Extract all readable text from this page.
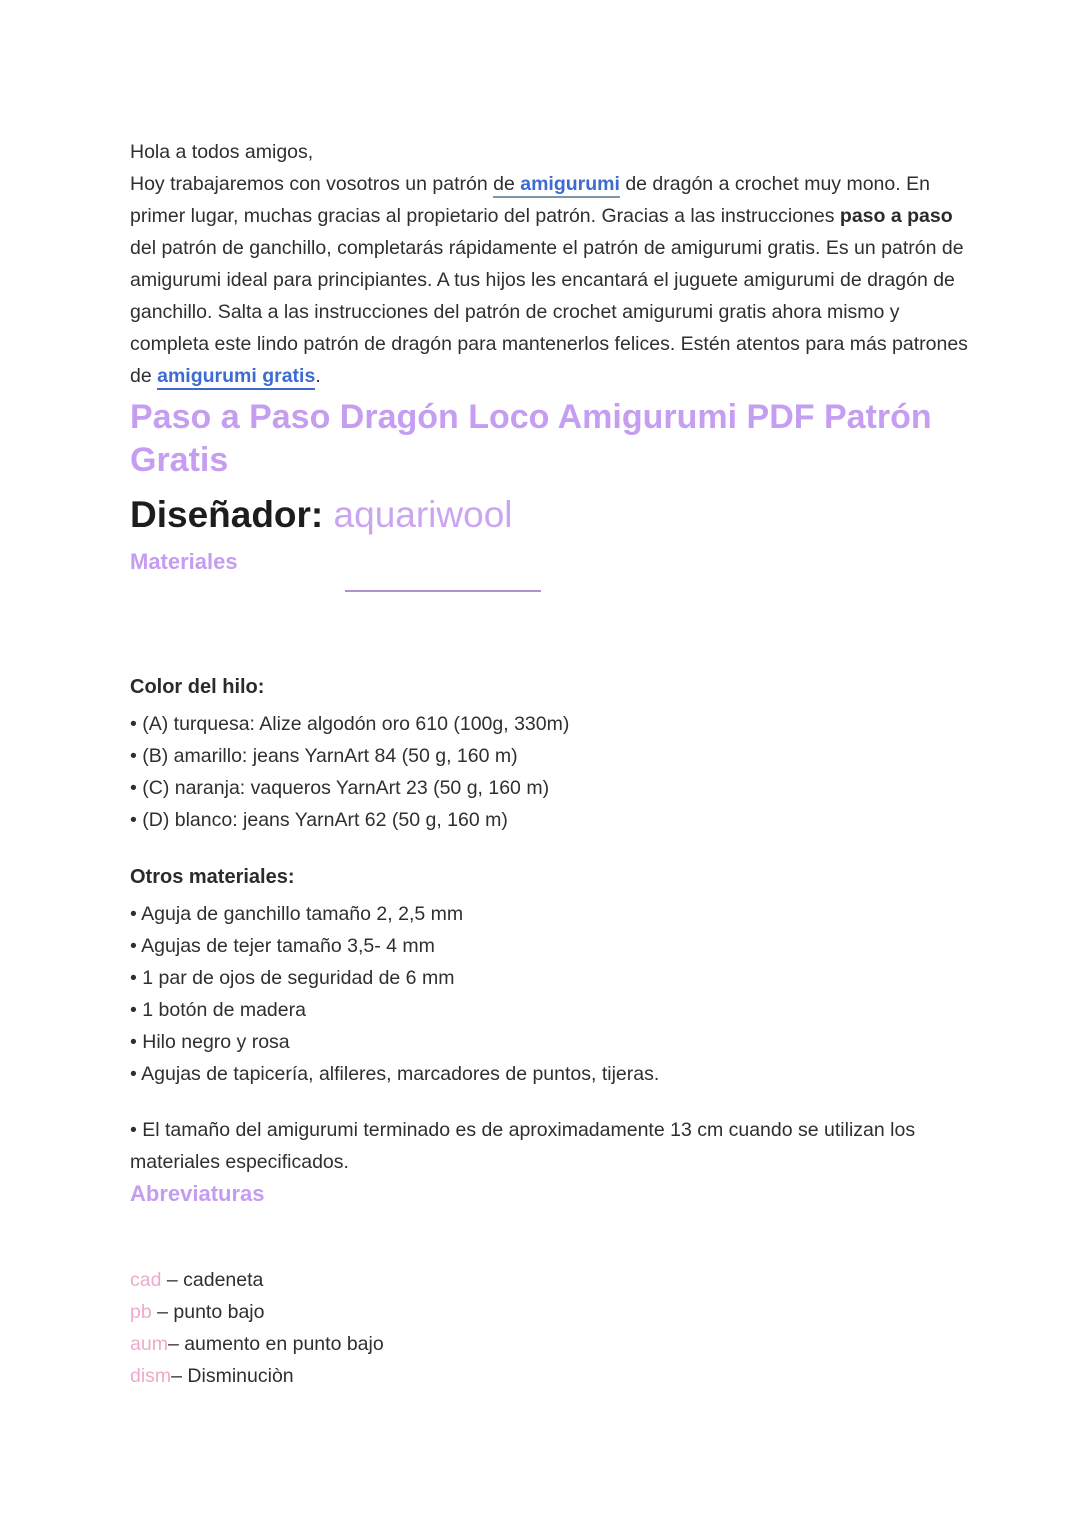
Hola a todos amigos,

Hoy trabajaremos con vosotros un patrón de amigurumi de dragón a crochet muy mono. En primer lugar, muchas gracias al propietario del patrón. Gracias a las instrucciones paso a paso del patrón de ganchillo, completarás rápidamente el patrón de amigurumi gratis. Es un patrón de amigurumi ideal para principiantes. A tus hijos les encantará el juguete amigurumi de dragón de ganchillo. Salta a las instrucciones del patrón de crochet amigurumi gratis ahora mismo y completa este lindo patrón de dragón para mantenerlos felices. Estén atentos para más patrones de amigurumi gratis.

Paso a Paso Dragón Loco Amigurumi PDF Patrón Gratis
Diseñador: aquariwool
Materiales
Color del hilo:
• (A) turquesa: Alize algodón oro 610 (100g, 330m)
• (B) amarillo: jeans YarnArt 84 (50 g, 160 m)
• (C) naranja: vaqueros YarnArt 23 (50 g, 160 m)
• (D) blanco: jeans YarnArt 62 (50 g, 160 m)
Otros materiales:
• Aguja de ganchillo tamaño 2, 2,5 mm
• Agujas de tejer tamaño 3,5- 4 mm
• 1 par de ojos de seguridad de 6 mm
• 1 botón de madera
• Hilo negro y rosa
• Agujas de tapicería, alfileres, marcadores de puntos, tijeras.

• El tamaño del amigurumi terminado es de aproximadamente 13 cm cuando se utilizan los materiales especificados.

Abreviaturas
cad – cadeneta
pb – punto bajo
aum– aumento en punto bajo
dism– Disminuciòn
